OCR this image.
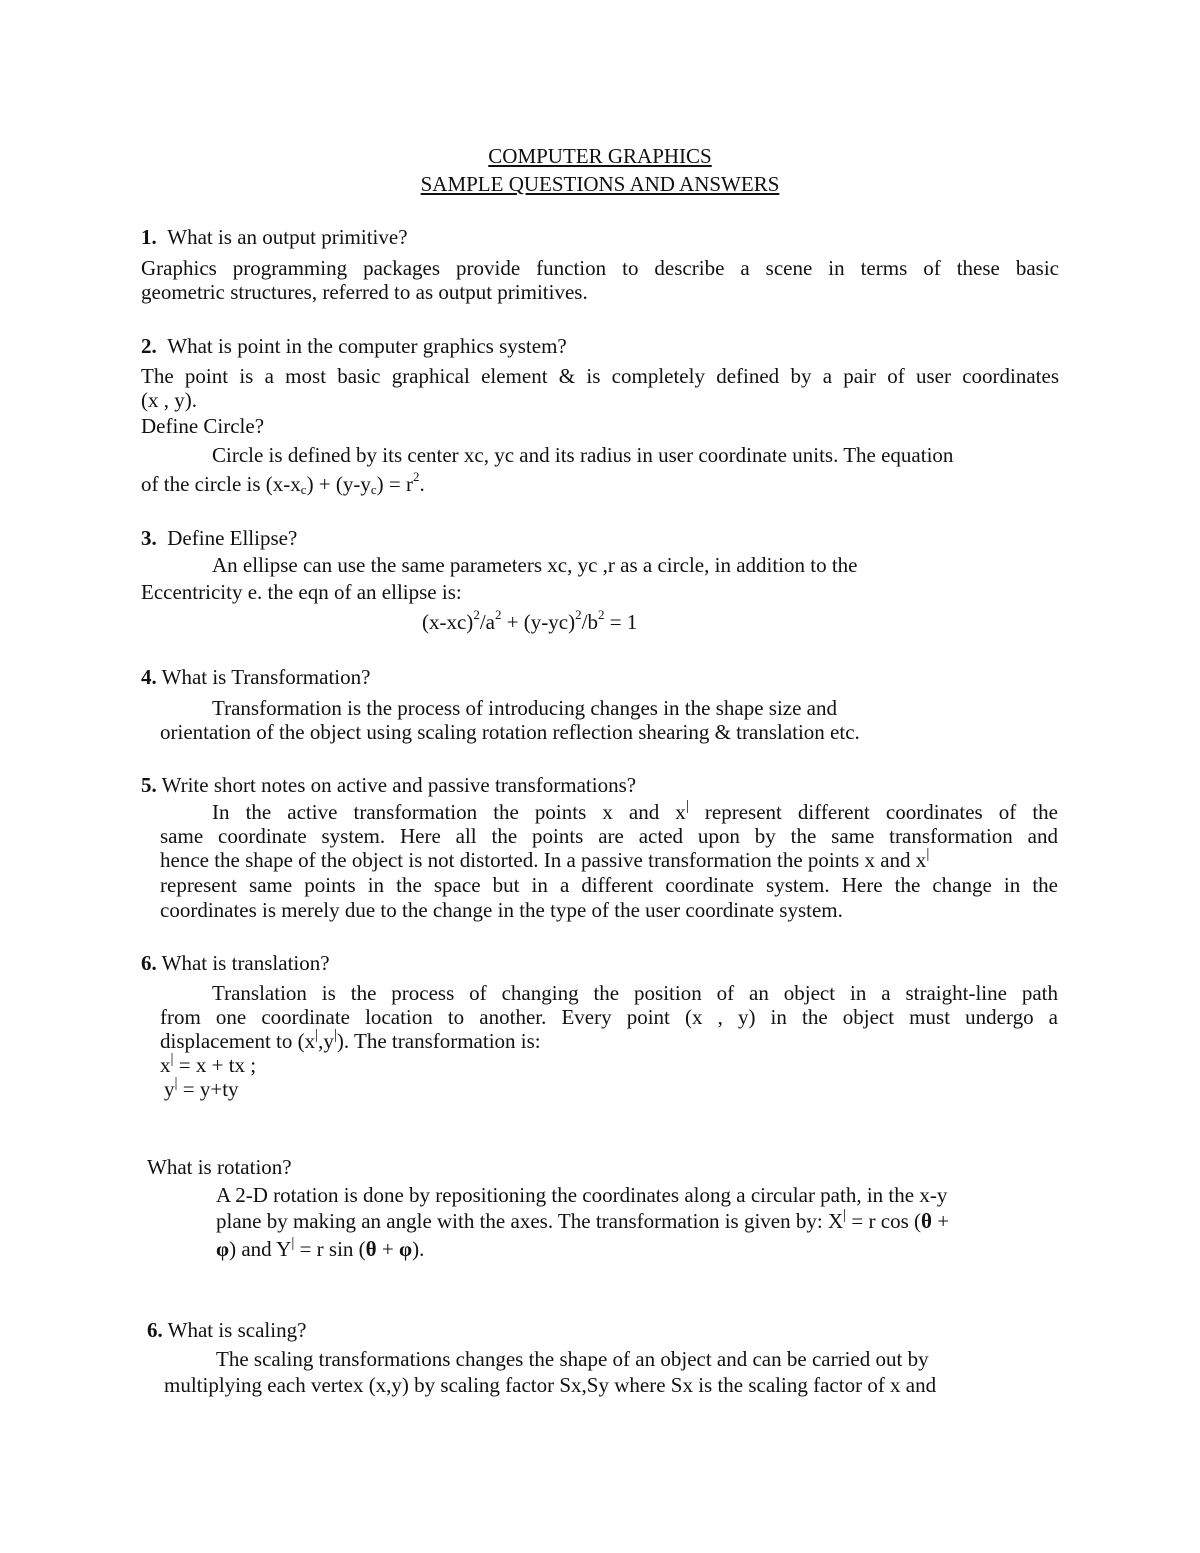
COMPUTER GRAPHICS
SAMPLE QUESTIONS AND ANSWERS
1. What is an output primitive?
Graphics programming packages provide function to describe a scene in terms of these basic
geometric structures, referred to as output primitives.
2. What is point in the computer graphics system?
The point is a most basic graphical element & is completely defined by a pair of user coordinates
(x , y).
Define Circle?
Circle is defined by its center xc, yc and its radius in user coordinate units. The equation
of the circle is $(x-x_c) + (y-y_c) = r^2$.
3. Define Ellipse?
An ellipse can use the same parameters xc, yc ,r as a circle, in addition to the
Eccentricity e. the eqn of an ellipse is:
$(x-xc)^2/a^2 + (y-yc)^2/b^2 = 1$
4. What is Transformation?
Transformation is the process of introducing changes in the shape size and
orientation of the object using scaling rotation reflection shearing & translation etc.
5. Write short notes on active and passive transformations?
In the active transformation the points x and x| represent different coordinates of the
same coordinate system. Here all the points are acted upon by the same transformation and
hence the shape of the object is not distorted. In a passive transformation the points x and x|
represent same points in the space but in a different coordinate system. Here the change in the
coordinates is merely due to the change in the type of the user coordinate system.
6. What is translation?
Translation is the process of changing the position of an object in a straight-line path
from one coordinate location to another. Every point (x , y) in the object must undergo a
displacement to (x|,y|). The transformation is:
x| = x + tx ;
y| = y+ty
What is rotation?
A 2-D rotation is done by repositioning the coordinates along a circular path, in the x-y
plane by making an angle with the axes. The transformation is given by: X| = r cos (θ +
φ) and Y| = r sin (θ + φ).
6. What is scaling?
The scaling transformations changes the shape of an object and can be carried out by
multiplying each vertex (x,y) by scaling factor Sx,Sy where Sx is the scaling factor of x and
